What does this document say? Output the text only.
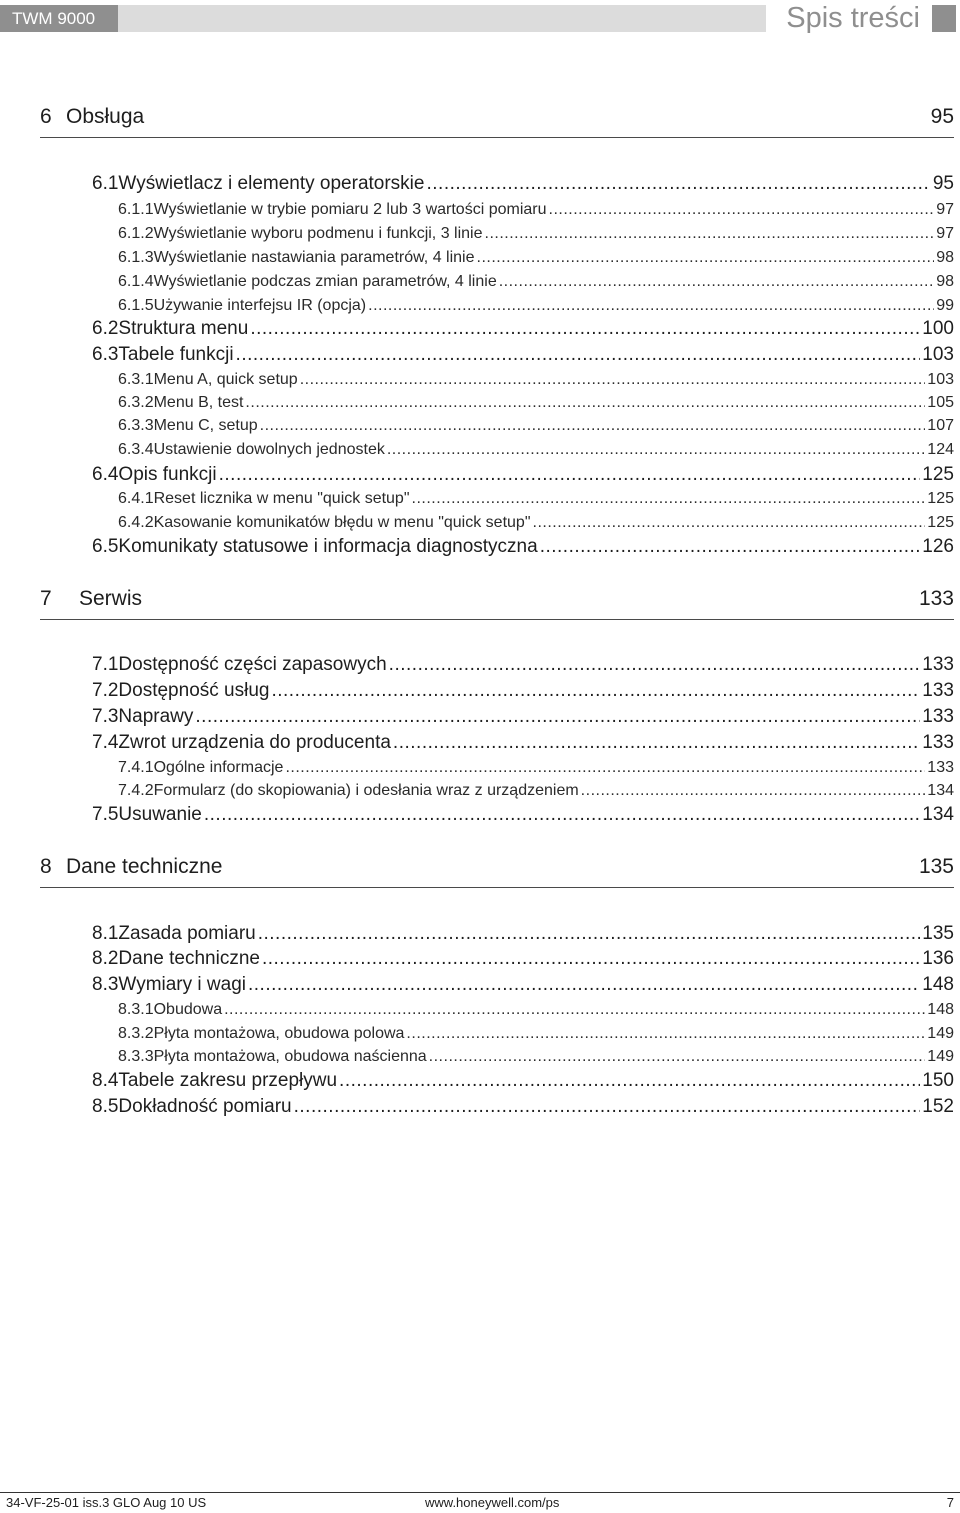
TWM 9000	Spis treści
6 Obsługa	95
6.1 Wyświetlacz i elementy operatorskie .....	95
6.1.1 Wyświetlanie w trybie pomiaru 2 lub 3 wartości pomiaru .....	97
6.1.2 Wyświetlanie wyboru podmenu i funkcji, 3 linie .....	97
6.1.3 Wyświetlanie nastawiania parametrów, 4 linie .....	98
6.1.4 Wyświetlanie podczas zmian parametrów, 4 linie .....	98
6.1.5 Używanie interfejsu IR (opcja) .....	99
6.2 Struktura menu .....	100
6.3 Tabele funkcji .....	103
6.3.1 Menu A, quick setup .....	103
6.3.2 Menu B, test .....	105
6.3.3 Menu C, setup .....	107
6.3.4 Ustawienie dowolnych jednostek .....	124
6.4 Opis funkcji .....	125
6.4.1 Reset licznika w menu "quick setup" .....	125
6.4.2 Kasowanie komunikatów błędu w menu "quick setup" .....	125
6.5 Komunikaty statusowe i informacja diagnostyczna .....	126
7 Serwis	133
7.1 Dostępność części zapasowych .....	133
7.2 Dostępność usług .....	133
7.3 Naprawy .....	133
7.4 Zwrot urządzenia do producenta .....	133
7.4.1 Ogólne informacje .....	133
7.4.2 Formularz (do skopiowania) i odesłania wraz z urządzeniem .....	134
7.5 Usuwanie .....	134
8 Dane techniczne	135
8.1 Zasada pomiaru .....	135
8.2 Dane techniczne .....	136
8.3 Wymiary i wagi .....	148
8.3.1 Obudowa .....	148
8.3.2 Płyta montażowa, obudowa polowa .....	149
8.3.3 Płyta montażowa, obudowa naścienna .....	149
8.4 Tabele zakresu przepływu .....	150
8.5 Dokładność pomiaru .....	152
34-VF-25-01 iss.3 GLO Aug 10 US	www.honeywell.com/ps	7
